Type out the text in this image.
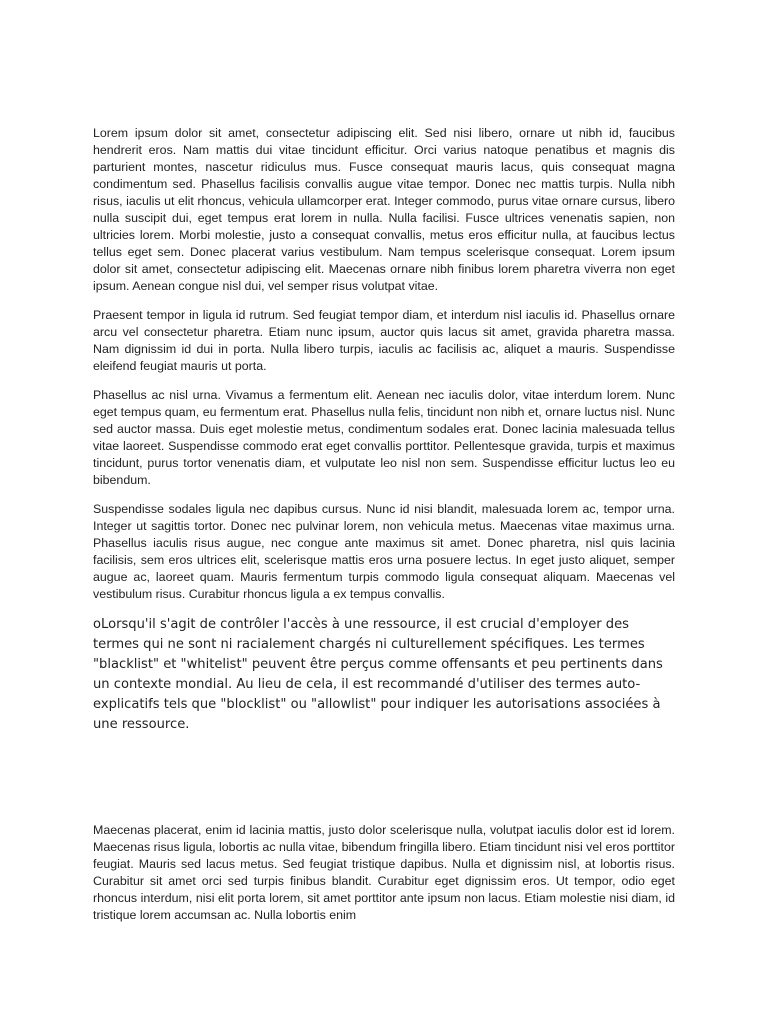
Lorem ipsum dolor sit amet, consectetur adipiscing elit. Sed nisi libero, ornare ut nibh id, faucibus hendrerit eros. Nam mattis dui vitae tincidunt efficitur. Orci varius natoque penatibus et magnis dis parturient montes, nascetur ridiculus mus. Fusce consequat mauris lacus, quis consequat magna condimentum sed. Phasellus facilisis convallis augue vitae tempor. Donec nec mattis turpis. Nulla nibh risus, iaculis ut elit rhoncus, vehicula ullamcorper erat. Integer commodo, purus vitae ornare cursus, libero nulla suscipit dui, eget tempus erat lorem in nulla. Nulla facilisi. Fusce ultrices venenatis sapien, non ultricies lorem. Morbi molestie, justo a consequat convallis, metus eros efficitur nulla, at faucibus lectus tellus eget sem. Donec placerat varius vestibulum. Nam tempus scelerisque consequat. Lorem ipsum dolor sit amet, consectetur adipiscing elit. Maecenas ornare nibh finibus lorem pharetra viverra non eget ipsum. Aenean congue nisl dui, vel semper risus volutpat vitae.

Praesent tempor in ligula id rutrum. Sed feugiat tempor diam, et interdum nisl iaculis id. Phasellus ornare arcu vel consectetur pharetra. Etiam nunc ipsum, auctor quis lacus sit amet, gravida pharetra massa. Nam dignissim id dui in porta. Nulla libero turpis, iaculis ac facilisis ac, aliquet a mauris. Suspendisse eleifend feugiat mauris ut porta.

Phasellus ac nisl urna. Vivamus a fermentum elit. Aenean nec iaculis dolor, vitae interdum lorem. Nunc eget tempus quam, eu fermentum erat. Phasellus nulla felis, tincidunt non nibh et, ornare luctus nisl. Nunc sed auctor massa. Duis eget molestie metus, condimentum sodales erat. Donec lacinia malesuada tellus vitae laoreet. Suspendisse commodo erat eget convallis porttitor. Pellentesque gravida, turpis et maximus tincidunt, purus tortor venenatis diam, et vulputate leo nisl non sem. Suspendisse efficitur luctus leo eu bibendum.

Suspendisse sodales ligula nec dapibus cursus. Nunc id nisi blandit, malesuada lorem ac, tempor urna. Integer ut sagittis tortor. Donec nec pulvinar lorem, non vehicula metus. Maecenas vitae maximus urna. Phasellus iaculis risus augue, nec congue ante maximus sit amet. Donec pharetra, nisl quis lacinia facilisis, sem eros ultrices elit, scelerisque mattis eros urna posuere lectus. In eget justo aliquet, semper augue ac, laoreet quam. Mauris fermentum turpis commodo ligula consequat aliquam. Maecenas vel vestibulum risus. Curabitur rhoncus ligula a ex tempus convallis.

oLorsqu'il s'agit de contrôler l'accès à une ressource, il est crucial d'employer des termes qui ne sont ni racialement chargés ni culturellement spécifiques. Les termes "blacklist" et "whitelist" peuvent être perçus comme offensants et peu pertinents dans un contexte mondial. Au lieu de cela, il est recommandé d'utiliser des termes auto-explicatifs tels que "blocklist" ou "allowlist" pour indiquer les autorisations associées à une ressource.

Maecenas placerat, enim id lacinia mattis, justo dolor scelerisque nulla, volutpat iaculis dolor est id lorem. Maecenas risus ligula, lobortis ac nulla vitae, bibendum fringilla libero. Etiam tincidunt nisi vel eros porttitor feugiat. Mauris sed lacus metus. Sed feugiat tristique dapibus. Nulla et dignissim nisl, at lobortis risus. Curabitur sit amet orci sed turpis finibus blandit. Curabitur eget dignissim eros. Ut tempor, odio eget rhoncus interdum, nisi elit porta lorem, sit amet porttitor ante ipsum non lacus. Etiam molestie nisi diam, id tristique lorem accumsan ac. Nulla lobortis enim
